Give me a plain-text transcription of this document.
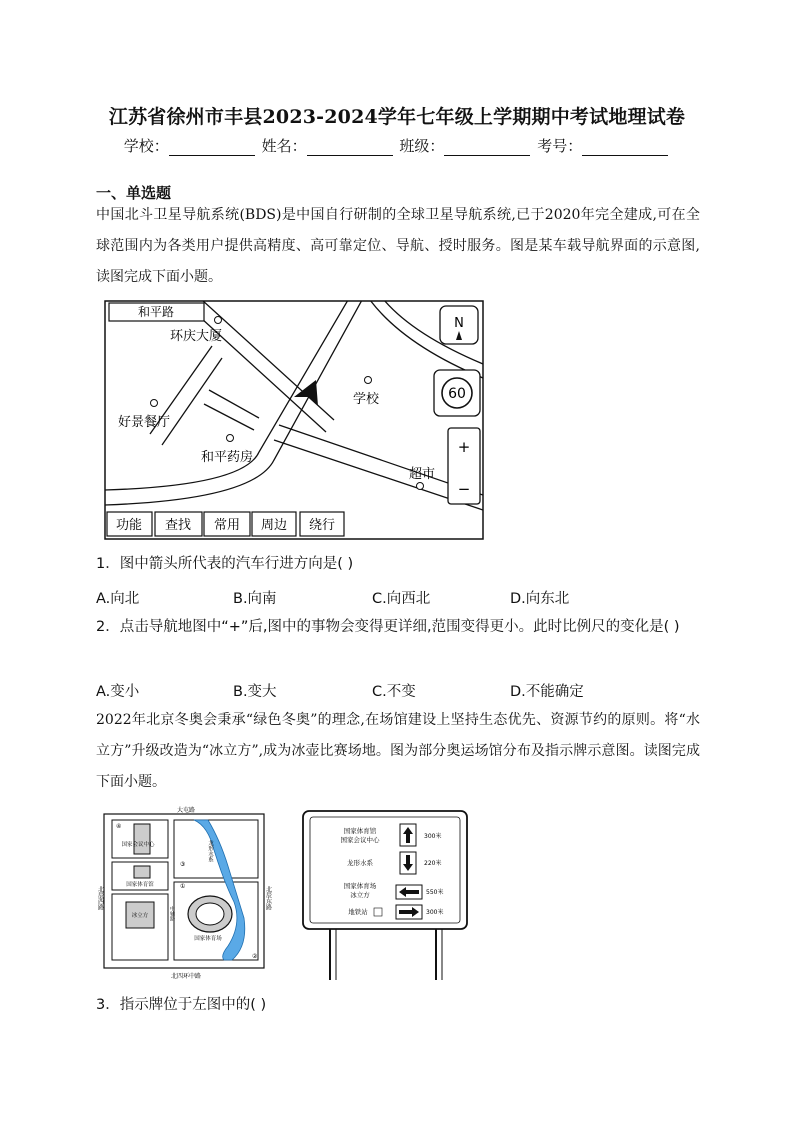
江苏省徐州市丰县2023-2024学年七年级上学期期中考试地理试卷
学校：	姓名：	班级：	考号：
一、单选题
中国北斗卫星导航系统(BDS)是中国自行研制的全球卫星导航系统,已于2020年完全建成,可在全球范围内为各类用户提供高精度、高可靠定位、导航、授时服务。图是某车载导航界面的示意图,读图完成下面小题。
和平路
环庆大厦
好景餐厅
学校
和平药房
超市
N
60
+
−
功能 查找 常用 周边 绕行
1．图中箭头所代表的汽车行进方向是( )
A.向北	B.向南	C.向西北	D.向东北
2．点击导航地图中“+”后,图中的事物会变得更详细,范围变得更小。此时比例尺的变化是( )
A.变小	B.变大	C.不变	D.不能确定
2022年北京冬奥会秉承“绿色冬奥”的理念,在场馆建设上坚持生态优先、资源节约的原则。将“水立方”升级改造为“冰立方”,成为冰壶比赛场地。图为部分奥运场馆分布及指示牌示意图。读图完成下面小题。
大屯路
北四环中路
北辰西路	北辰东路
国家会议中心
④
国家体育馆
冰立方
③
①
②
国家体育场
中轴路
龙形水系
国家体育馆
国家会议中心	300米
龙形水系	220米
国家体育场
冰立方	550米
地铁站	300米
3．指示牌位于左图中的( )
